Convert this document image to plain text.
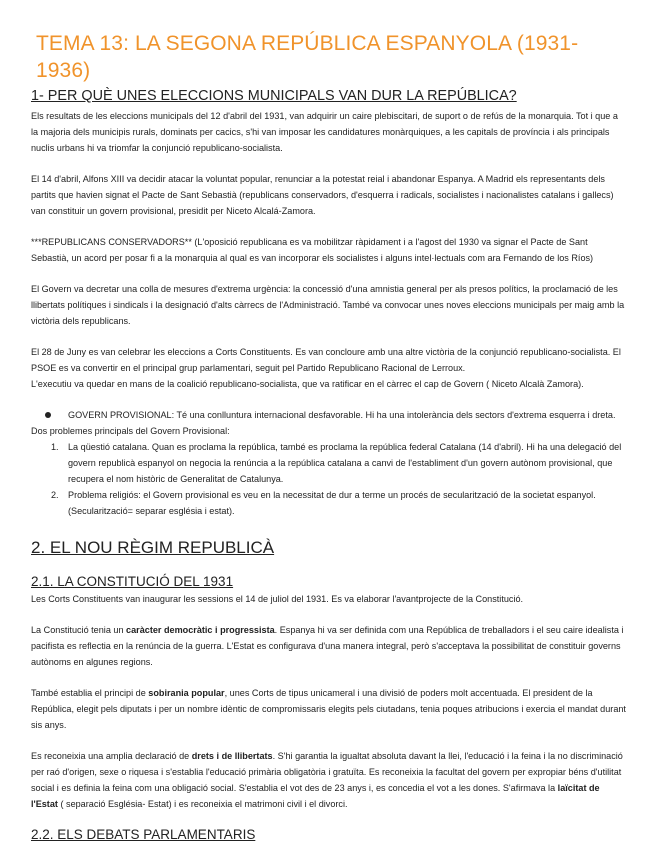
TEMA 13: LA SEGONA REPÚBLICA ESPANYOLA (1931-1936)
1- PER QUÈ UNES ELECCIONS MUNICIPALS VAN DUR LA REPÚBLICA?

Els resultats de les eleccions municipals del 12 d'abril del 1931, van adquirir un caire plebiscitari, de suport o de refús de la monarquia. Tot i que a la majoria dels municipis rurals, dominats per cacics, s'hi van imposar les candidatures monàrquiques, a les capitals de província i als principals nuclis urbans hi va triomfar la conjunció republicano-socialista.

El 14 d'abril, Alfons XIII va decidir atacar la voluntat popular, renunciar a la potestat reial i abandonar Espanya. A Madrid els representants dels partits que havien signat el Pacte de Sant Sebastià (republicans conservadors, d'esquerra i radicals, socialistes i nacionalistes catalans i gallecs) van constituir un govern provisional, presidit per Niceto Alcalá-Zamora.

***REPUBLICANS CONSERVADORS** (L'oposició republicana es va mobilitzar ràpidament i a l'agost del 1930 va signar el Pacte de Sant Sebastià, un acord per posar fi a la monarquia al qual es van incorporar els socialistes i alguns intel·lectuals com ara Fernando de los Ríos)

El Govern va decretar una colla de mesures d'extrema urgència: la concessió d'una amnistia general per als presos polítics, la proclamació de les llibertats polítiques i sindicals i la designació d'alts càrrecs de l'Administració. També va convocar unes noves eleccions municipals per maig amb la victòria dels republicans.

El 28 de Juny es van celebrar les eleccions a Corts Constituents. Es van concloure amb una altre victòria de la conjunció republicano-socialista. El PSOE es va convertir en el principal grup parlamentari, seguit pel Partido Republicano Racional de Lerroux.

L'executiu va quedar en mans de la coalició republicano-socialista, que va ratificar en el càrrec el cap de Govern ( Niceto Alcalà Zamora).

GOVERN PROVISIONAL: Té una conlluntura internacional desfavorable. Hi ha una intolerància dels sectors d'extrema esquerra i dreta.

Dos problemes principals del Govern Provisional:

1. La qüestió catalana. Quan es proclama la república, també es proclama la república federal Catalana (14 d'abril). Hi ha una delegació del govern republicà espanyol on negocia la renúncia a la república catalana a canvi de l'establiment d'un govern autònom provisional, que recupera el nom històric de Generalitat de Catalunya.
2. Problema religiós: el Govern provisional es veu en la necessitat de dur a terme un procés de secularització de la societat espanyol. (Secularització= separar església i estat).
2. EL NOU RÈGIM REPUBLICÀ
2.1. LA CONSTITUCIÓ DEL 1931

Les Corts Constituents van inaugurar les sessions el 14 de juliol del 1931. Es va elaborar l'avantprojecte de la Constitució.

La Constitució tenia un caràcter democràtic i progressista. Espanya hi va ser definida com una República de treballadors i el seu caire idealista i pacifista es reflectia en la renúncia de la guerra. L'Estat es configurava d'una manera integral, però s'acceptava la possibilitat de constituir governs autònoms en algunes regions.

També establia el principi de sobirania popular, unes Corts de tipus unicameral i una divisió de poders molt accentuada. El president de la República, elegit pels diputats i per un nombre idèntic de compromissaris elegits pels ciutadans, tenia poques atribucions i exercia el mandat durant sis anys.

Es reconeixia una amplia declaració de drets i de llibertats. S'hi garantia la igualtat absoluta davant la llei, l'educació i la feina i la no discriminació per raó d'origen, sexe o riquesa i s'establia l'educació primària obligatòria i gratuïta. Es reconeixia la facultat del govern per expropiar béns d'utilitat social i es definia la feina com una obligació social. S'establia el vot des de 23 anys i, es concedia el vot a les dones. S'afirmava la laïcitat de l'Estat ( separació Església- Estat) i es reconeixia el matrimoni civil i el divorci.

2.2. ELS DEBATS PARLAMENTARIS
